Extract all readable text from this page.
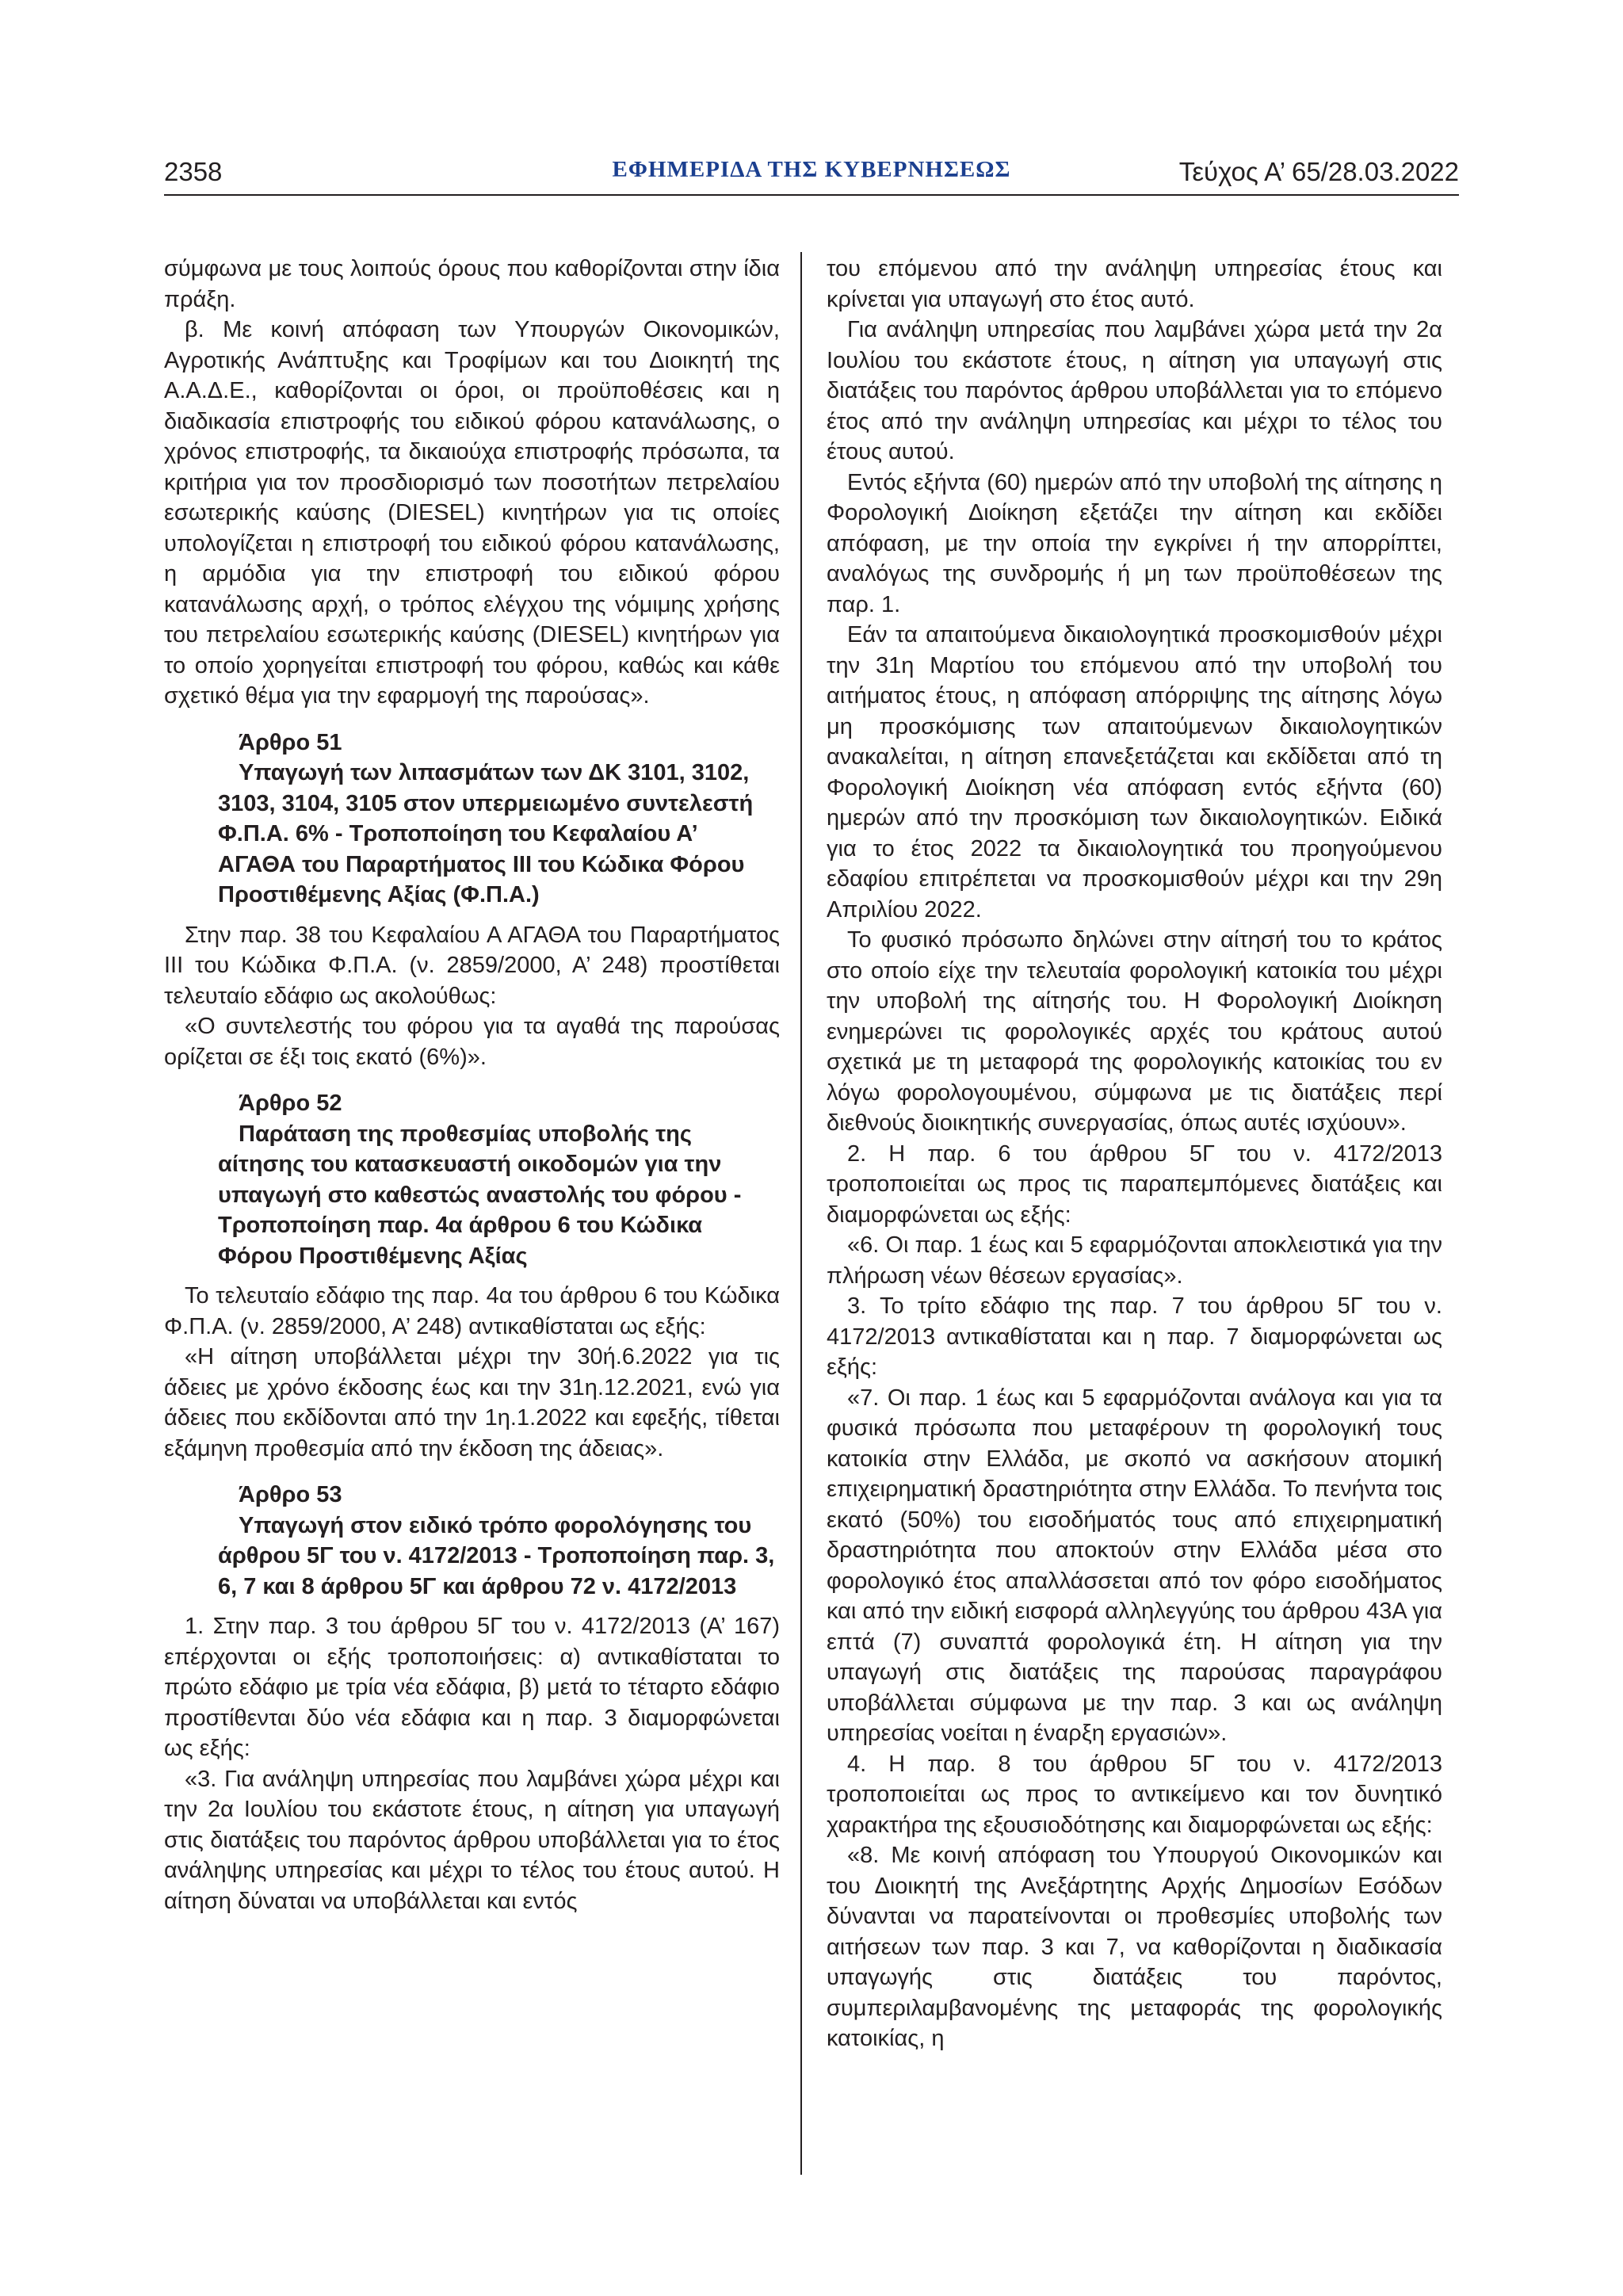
2358	ΕΦΗΜΕΡΙΔΑ ΤΗΣ ΚΥΒΕΡΝΗΣΕΩΣ	Τεύχος Α’ 65/28.03.2022

σύμφωνα με τους λοιπούς όρους που καθορίζονται στην ίδια πράξη.

β. Με κοινή απόφαση των Υπουργών Οικονομικών, Αγροτικής Ανάπτυξης και Τροφίμων και του Διοικητή της Α.Α.Δ.Ε., καθορίζονται οι όροι, οι προϋποθέσεις και η διαδικασία επιστροφής του ειδικού φόρου κατανάλωσης, ο χρόνος επιστροφής, τα δικαιούχα επιστροφής πρόσωπα, τα κριτήρια για τον προσδιορισμό των ποσοτήτων πετρελαίου εσωτερικής καύσης (DIESEL) κινητήρων για τις οποίες υπολογίζεται η επιστροφή του ειδικού φόρου κατανάλωσης, η αρμόδια για την επιστροφή του ειδικού φόρου κατανάλωσης αρχή, ο τρόπος ελέγχου της νόμιμης χρήσης του πετρελαίου εσωτερικής καύσης (DIESEL) κινητήρων για το οποίο χορηγείται επιστροφή του φόρου, καθώς και κάθε σχετικό θέμα για την εφαρμογή της παρούσας».

Άρθρο 51

Υπαγωγή των λιπασμάτων των ΔΚ 3101, 3102, 3103, 3104, 3105 στον υπερμειωμένο συντελεστή Φ.Π.Α. 6% - Τροποποίηση του Κεφαλαίου Α’ ΑΓΑΘΑ του Παραρτήματος ΙΙΙ του Κώδικα Φόρου Προστιθέμενης Αξίας (Φ.Π.Α.)

Στην παρ. 38 του Κεφαλαίου Α ΑΓΑΘΑ του Παραρτήματος ΙΙΙ του Κώδικα Φ.Π.Α. (ν. 2859/2000, Α’ 248) προστίθεται τελευταίο εδάφιο ως ακολούθως:

«Ο συντελεστής του φόρου για τα αγαθά της παρούσας ορίζεται σε έξι τοις εκατό (6%)».

Άρθρο 52

Παράταση της προθεσμίας υποβολής της αίτησης του κατασκευαστή οικοδομών για την υπαγωγή στο καθεστώς αναστολής του φόρου - Τροποποίηση παρ. 4α άρθρου 6 του Κώδικα Φόρου Προστιθέμενης Αξίας

Το τελευταίο εδάφιο της παρ. 4α του άρθρου 6 του Κώδικα Φ.Π.Α. (ν. 2859/2000, Α’ 248) αντικαθίσταται ως εξής:

«Η αίτηση υποβάλλεται μέχρι την 30ή.6.2022 για τις άδειες με χρόνο έκδοσης έως και την 31η.12.2021, ενώ για άδειες που εκδίδονται από την 1η.1.2022 και εφεξής, τίθεται εξάμηνη προθεσμία από την έκδοση της άδειας».

Άρθρο 53

Υπαγωγή στον ειδικό τρόπο φορολόγησης του άρθρου 5Γ του ν. 4172/2013 - Τροποποίηση παρ. 3, 6, 7 και 8 άρθρου 5Γ και άρθρου 72 ν. 4172/2013

1. Στην παρ. 3 του άρθρου 5Γ του ν. 4172/2013 (Α’ 167) επέρχονται οι εξής τροποποιήσεις: α) αντικαθίσταται το πρώτο εδάφιο με τρία νέα εδάφια, β) μετά το τέταρτο εδάφιο προστίθενται δύο νέα εδάφια και η παρ. 3 διαμορφώνεται ως εξής:

«3. Για ανάληψη υπηρεσίας που λαμβάνει χώρα μέχρι και την 2α Ιουλίου του εκάστοτε έτους, η αίτηση για υπαγωγή στις διατάξεις του παρόντος άρθρου υποβάλλεται για το έτος ανάληψης υπηρεσίας και μέχρι το τέλος του έτους αυτού. Η αίτηση δύναται να υποβάλλεται και εντός

του επόμενου από την ανάληψη υπηρεσίας έτους και κρίνεται για υπαγωγή στο έτος αυτό.

Για ανάληψη υπηρεσίας που λαμβάνει χώρα μετά την 2α Ιουλίου του εκάστοτε έτους, η αίτηση για υπαγωγή στις διατάξεις του παρόντος άρθρου υποβάλλεται για το επόμενο έτος από την ανάληψη υπηρεσίας και μέχρι το τέλος του έτους αυτού.

Εντός εξήντα (60) ημερών από την υποβολή της αίτησης η Φορολογική Διοίκηση εξετάζει την αίτηση και εκδίδει απόφαση, με την οποία την εγκρίνει ή την απορρίπτει, αναλόγως της συνδρομής ή μη των προϋποθέσεων της παρ. 1.

Εάν τα απαιτούμενα δικαιολογητικά προσκομισθούν μέχρι την 31η Μαρτίου του επόμενου από την υποβολή του αιτήματος έτους, η απόφαση απόρριψης της αίτησης λόγω μη προσκόμισης των απαιτούμενων δικαιολογητικών ανακαλείται, η αίτηση επανεξετάζεται και εκδίδεται από τη Φορολογική Διοίκηση νέα απόφαση εντός εξήντα (60) ημερών από την προσκόμιση των δικαιολογητικών. Ειδικά για το έτος 2022 τα δικαιολογητικά του προηγούμενου εδαφίου επιτρέπεται να προσκομισθούν μέχρι και την 29η Απριλίου 2022.

Το φυσικό πρόσωπο δηλώνει στην αίτησή του το κράτος στο οποίο είχε την τελευταία φορολογική κατοικία του μέχρι την υποβολή της αίτησής του. Η Φορολογική Διοίκηση ενημερώνει τις φορολογικές αρχές του κράτους αυτού σχετικά με τη μεταφορά της φορολογικής κατοικίας του εν λόγω φορολογουμένου, σύμφωνα με τις διατάξεις περί διεθνούς διοικητικής συνεργασίας, όπως αυτές ισχύουν».

2. Η παρ. 6 του άρθρου 5Γ του ν. 4172/2013 τροποποιείται ως προς τις παραπεμπόμενες διατάξεις και διαμορφώνεται ως εξής:

«6. Οι παρ. 1 έως και 5 εφαρμόζονται αποκλειστικά για την πλήρωση νέων θέσεων εργασίας».

3. Το τρίτο εδάφιο της παρ. 7 του άρθρου 5Γ του ν. 4172/2013 αντικαθίσταται και η παρ. 7 διαμορφώνεται ως εξής:

«7. Οι παρ. 1 έως και 5 εφαρμόζονται ανάλογα και για τα φυσικά πρόσωπα που μεταφέρουν τη φορολογική τους κατοικία στην Ελλάδα, με σκοπό να ασκήσουν ατομική επιχειρηματική δραστηριότητα στην Ελλάδα. Το πενήντα τοις εκατό (50%) του εισοδήματός τους από επιχειρηματική δραστηριότητα που αποκτούν στην Ελλάδα μέσα στο φορολογικό έτος απαλλάσσεται από τον φόρο εισοδήματος και από την ειδική εισφορά αλληλεγγύης του άρθρου 43Α για επτά (7) συναπτά φορολογικά έτη. Η αίτηση για την υπαγωγή στις διατάξεις της παρούσας παραγράφου υποβάλλεται σύμφωνα με την παρ. 3 και ως ανάληψη υπηρεσίας νοείται η έναρξη εργασιών».

4. Η παρ. 8 του άρθρου 5Γ του ν. 4172/2013 τροποποιείται ως προς το αντικείμενο και τον δυνητικό χαρακτήρα της εξουσιοδότησης και διαμορφώνεται ως εξής:

«8. Με κοινή απόφαση του Υπουργού Οικονομικών και του Διοικητή της Ανεξάρτητης Αρχής Δημοσίων Εσόδων δύνανται να παρατείνονται οι προθεσμίες υποβολής των αιτήσεων των παρ. 3 και 7, να καθορίζονται η διαδικασία υπαγωγής στις διατάξεις του παρόντος, συμπεριλαμβανομένης της μεταφοράς της φορολογικής κατοικίας, η
